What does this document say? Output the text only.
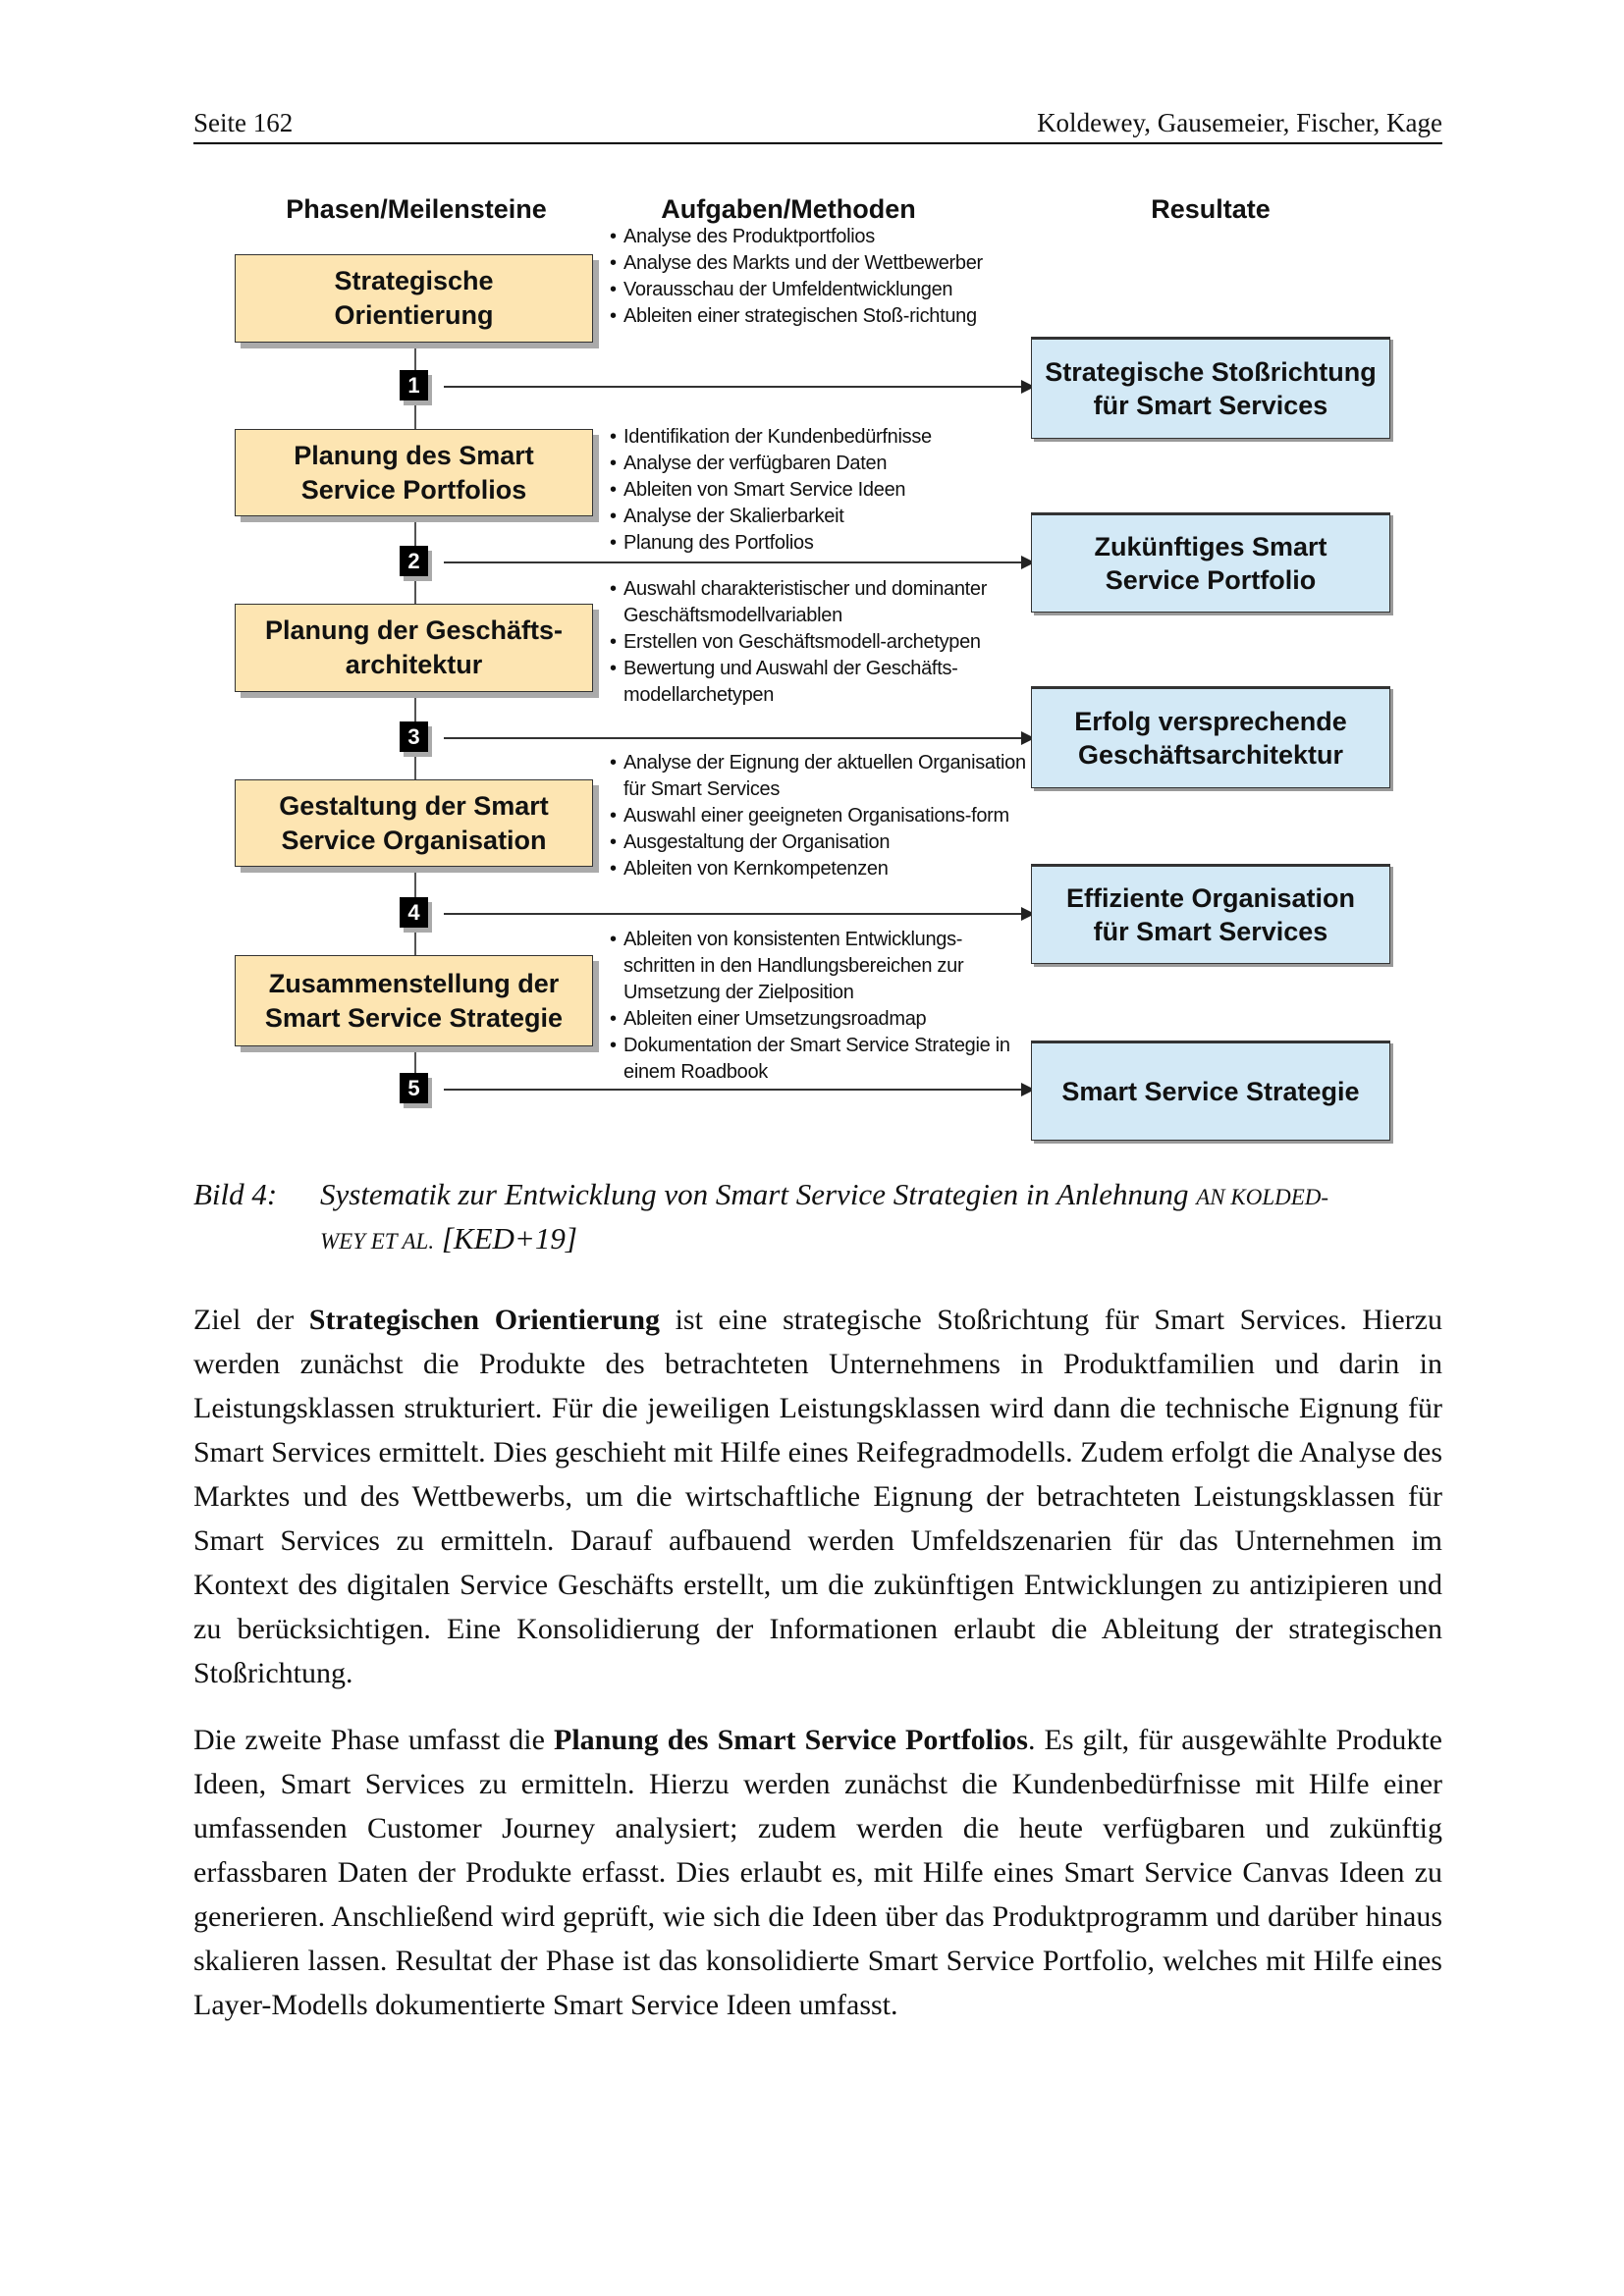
Seite 162	Koldewey, Gausemeier, Fischer, Kage
Phasen/Meilensteine	Aufgaben/Methoden	Resultate
Strategische
Orientierung
• Analyse des Produktportfolios
• Analyse des Markts und der Wettbewerber
• Vorausschau der Umfeldentwicklungen
• Ableiten einer strategischen Stoß-richtung
1	Strategische Stoßrichtung
für Smart Services
Planung des Smart
Service Portfolios
• Identifikation der Kundenbedürfnisse
• Analyse der verfügbaren Daten
• Ableiten von Smart Service Ideen
• Analyse der Skalierbarkeit
• Planung des Portfolios
2	Zukünftiges Smart
Service Portfolio
Planung der Geschäfts-
architektur
• Auswahl charakteristischer und dominanter Geschäftsmodellvariablen
• Erstellen von Geschäftsmodell-archetypen
• Bewertung und Auswahl der Geschäfts-modellarchetypen
3	Erfolg versprechende
Geschäftsarchitektur
Gestaltung der Smart
Service Organisation
• Analyse der Eignung der aktuellen Organisation für Smart Services
• Auswahl einer geeigneten Organisations-form
• Ausgestaltung der Organisation
• Ableiten von Kernkompetenzen
4	Effiziente Organisation
für Smart Services
Zusammenstellung der
Smart Service Strategie
• Ableiten von konsistenten Entwicklungs-schritten in den Handlungsbereichen zur Umsetzung der Zielposition
• Ableiten einer Umsetzungsroadmap
• Dokumentation der Smart Service Strategie in einem Roadbook
5	Smart Service Strategie
Bild 4: Systematik zur Entwicklung von Smart Service Strategien in Anlehnung AN KOLDED-
WEY ET AL. [KED+19]

Ziel der Strategischen Orientierung ist eine strategische Stoßrichtung für Smart Services. Hierzu werden zunächst die Produkte des betrachteten Unternehmens in Produktfamilien und darin in Leistungsklassen strukturiert. Für die jeweiligen Leistungsklassen wird dann die technische Eignung für Smart Services ermittelt. Dies geschieht mit Hilfe eines Reifegradmodells. Zudem erfolgt die Analyse des Marktes und des Wettbewerbs, um die wirtschaftliche Eignung der betrachteten Leistungsklassen für Smart Services zu ermitteln. Darauf aufbauend werden Umfeldszenarien für das Unternehmen im Kontext des digitalen Service Geschäfts erstellt, um die zukünftigen Entwicklungen zu antizipieren und zu berücksichtigen. Eine Konsolidierung der Informationen erlaubt die Ableitung der strategischen Stoßrichtung.

Die zweite Phase umfasst die Planung des Smart Service Portfolios. Es gilt, für ausgewählte Produkte Ideen, Smart Services zu ermitteln. Hierzu werden zunächst die Kundenbedürfnisse mit Hilfe einer umfassenden Customer Journey analysiert; zudem werden die heute verfügbaren und zukünftig erfassbaren Daten der Produkte erfasst. Dies erlaubt es, mit Hilfe eines Smart Service Canvas Ideen zu generieren. Anschließend wird geprüft, wie sich die Ideen über das Produktprogramm und darüber hinaus skalieren lassen. Resultat der Phase ist das konsolidierte Smart Service Portfolio, welches mit Hilfe eines Layer-Modells dokumentierte Smart Service Ideen umfasst.
